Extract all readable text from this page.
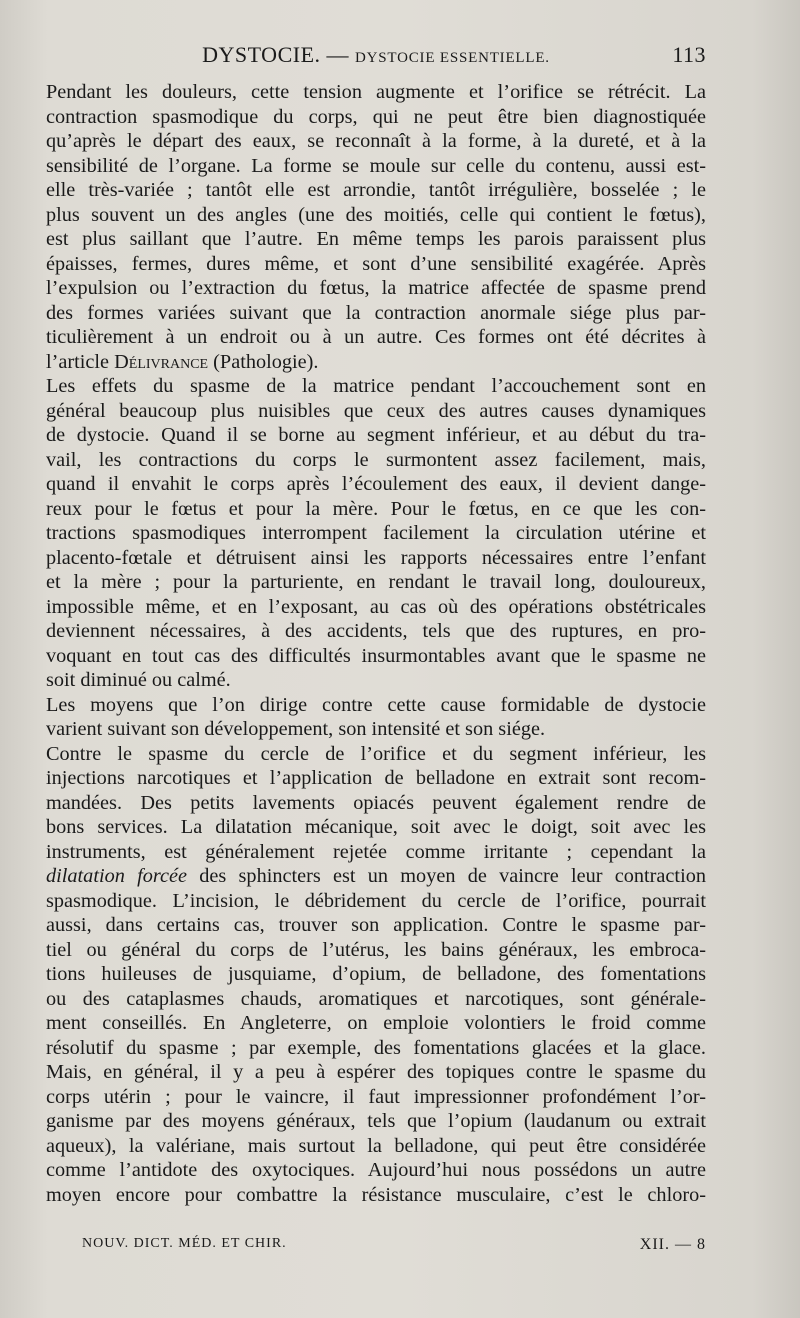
DYSTOCIE. — DYSTOCIE ESSENTIELLE.	113

Pendant les douleurs, cette tension augmente et l’orifice se rétrécit. La
contraction spasmodique du corps, qui ne peut être bien diagnostiquée
qu’après le départ des eaux, se reconnaît à la forme, à la dureté, et à la
sensibilité de l’organe. La forme se moule sur celle du contenu, aussi est-
elle très-variée ; tantôt elle est arrondie, tantôt irrégulière, bosselée ; le
plus souvent un des angles (une des moitiés, celle qui contient le fœtus),
est plus saillant que l’autre. En même temps les parois paraissent plus
épaisses, fermes, dures même, et sont d’une sensibilité exagérée. Après
l’expulsion ou l’extraction du fœtus, la matrice affectée de spasme prend
des formes variées suivant que la contraction anormale siége plus par-
ticulièrement à un endroit ou à un autre. Ces formes ont été décrites à
l’article Délivrance (Pathologie).

Les effets du spasme de la matrice pendant l’accouchement sont en
général beaucoup plus nuisibles que ceux des autres causes dynamiques
de dystocie. Quand il se borne au segment inférieur, et au début du tra-
vail, les contractions du corps le surmontent assez facilement, mais,
quand il envahit le corps après l’écoulement des eaux, il devient dange-
reux pour le fœtus et pour la mère. Pour le fœtus, en ce que les con-
tractions spasmodiques interrompent facilement la circulation utérine et
placento-fœtale et détruisent ainsi les rapports nécessaires entre l’enfant
et la mère ; pour la parturiente, en rendant le travail long, douloureux,
impossible même, et en l’exposant, au cas où des opérations obstétricales
deviennent nécessaires, à des accidents, tels que des ruptures, en pro-
voquant en tout cas des difficultés insurmontables avant que le spasme ne
soit diminué ou calmé.

Les moyens que l’on dirige contre cette cause formidable de dystocie
varient suivant son développement, son intensité et son siége.

Contre le spasme du cercle de l’orifice et du segment inférieur, les
injections narcotiques et l’application de belladone en extrait sont recom-
mandées. Des petits lavements opiacés peuvent également rendre de
bons services. La dilatation mécanique, soit avec le doigt, soit avec les
instruments, est généralement rejetée comme irritante ; cependant la
dilatation forcée des sphincters est un moyen de vaincre leur contraction
spasmodique. L’incision, le débridement du cercle de l’orifice, pourrait
aussi, dans certains cas, trouver son application. Contre le spasme par-
tiel ou général du corps de l’utérus, les bains généraux, les embroca-
tions huileuses de jusquiame, d’opium, de belladone, des fomentations
ou des cataplasmes chauds, aromatiques et narcotiques, sont générale-
ment conseillés. En Angleterre, on emploie volontiers le froid comme
résolutif du spasme ; par exemple, des fomentations glacées et la glace.
Mais, en général, il y a peu à espérer des topiques contre le spasme du
corps utérin ; pour le vaincre, il faut impressionner profondément l’or-
ganisme par des moyens généraux, tels que l’opium (laudanum ou extrait
aqueux), la valériane, mais surtout la belladone, qui peut être considérée
comme l’antidote des oxytociques. Aujourd’hui nous possédons un autre
moyen encore pour combattre la résistance musculaire, c’est le chloro-

NOUV. DICT. MÉD. ET CHIR.	XII. — 8
